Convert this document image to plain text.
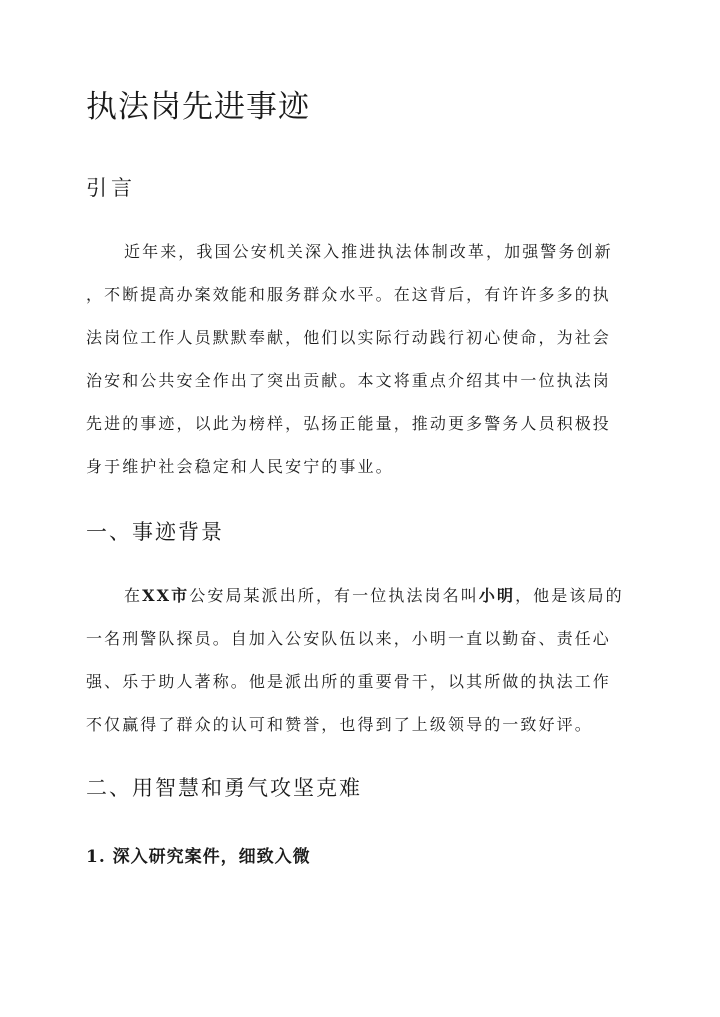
执法岗先进事迹
引言
近年来，我国公安机关深入推进执法体制改革，加强警务创新
，不断提高办案效能和服务群众水平。在这背后，有许许多多的执
法岗位工作人员默默奉献，他们以实际行动践行初心使命，为社会
治安和公共安全作出了突出贡献。本文将重点介绍其中一位执法岗
先进的事迹，以此为榜样，弘扬正能量，推动更多警务人员积极投
身于维护社会稳定和人民安宁的事业。
一、事迹背景
在XX市公安局某派出所，有一位执法岗名叫小明，他是该局的
一名刑警队探员。自加入公安队伍以来，小明一直以勤奋、责任心
强、乐于助人著称。他是派出所的重要骨干，以其所做的执法工作
不仅赢得了群众的认可和赞誉，也得到了上级领导的一致好评。
二、用智慧和勇气攻坚克难
1. 深入研究案件，细致入微
